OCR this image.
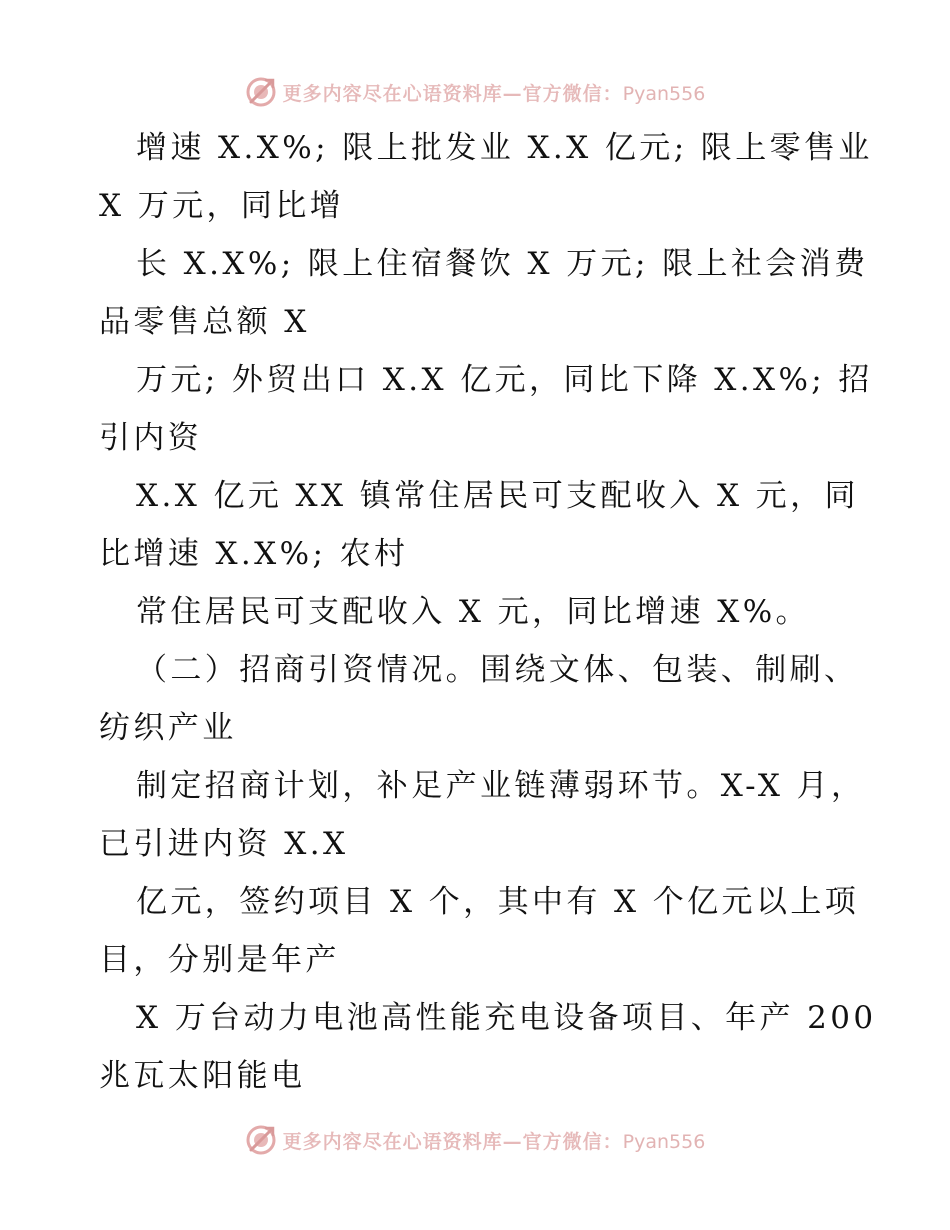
更多内容尽在心语资料库—官方微信：Pyan556
增速 X.X%; 限上批发业 X.X 亿元; 限上零售业
X 万元，同比增
长 X.X%; 限上住宿餐饮 X 万元; 限上社会消费
品零售总额 X
万元; 外贸出口 X.X 亿元，同比下降 X.X%; 招
引内资
X.X 亿元 XX 镇常住居民可支配收入 X 元，同
比增速 X.X%; 农村
常住居民可支配收入 X 元，同比增速 X%。
（二）招商引资情况。围绕文体、包装、制刷、
纺织产业
制定招商计划，补足产业链薄弱环节。X-X 月，
已引进内资 X.X
亿元，签约项目 X 个，其中有 X 个亿元以上项
目，分别是年产
X 万台动力电池高性能充电设备项目、年产 200
兆瓦太阳能电
更多内容尽在心语资料库—官方微信：Pyan556
